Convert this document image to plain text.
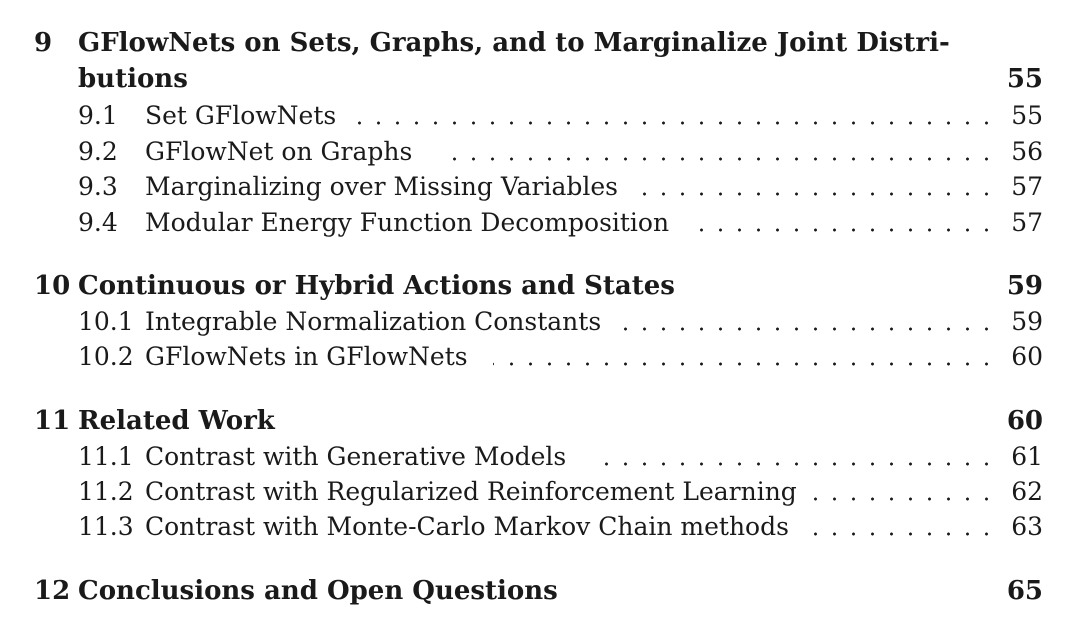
9 GFlowNets on Sets, Graphs, and to Marginalize Joint Distri-
butions	55
9.1 Set GFlowNets	55
9.2 GFlowNet on Graphs	56
9.3 Marginalizing over Missing Variables	57
9.4 Modular Energy Function Decomposition	57
10 Continuous or Hybrid Actions and States	59
10.1 Integrable Normalization Constants	59
10.2 GFlowNets in GFlowNets	60
11 Related Work	60
11.1 Contrast with Generative Models	61
11.2 Contrast with Regularized Reinforcement Learning	62
11.3 Contrast with Monte-Carlo Markov Chain methods	63
12 Conclusions and Open Questions	65
